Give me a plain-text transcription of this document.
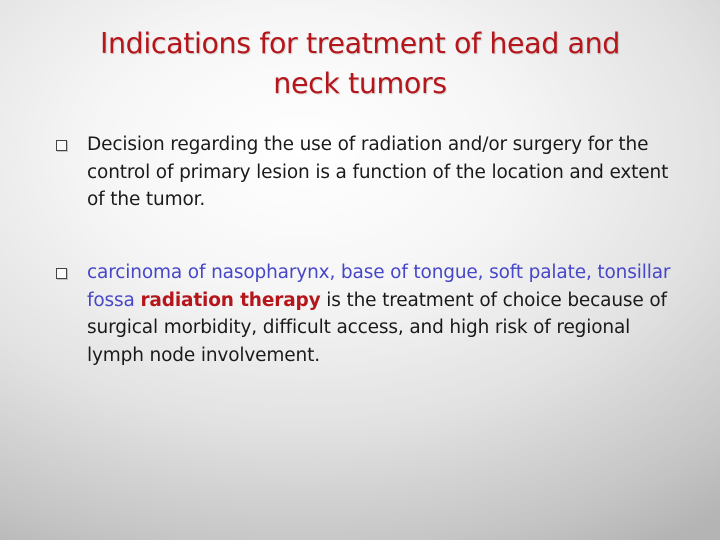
Indications for treatment of head and
neck tumors
Decision regarding the use of radiation and/or surgery for the control of primary lesion is a function of the location and extent of the tumor.
carcinoma of nasopharynx, base of tongue, soft palate, tonsillar fossa radiation therapy is the treatment of choice because of surgical morbidity, difficult access, and high risk of regional lymph node involvement.
